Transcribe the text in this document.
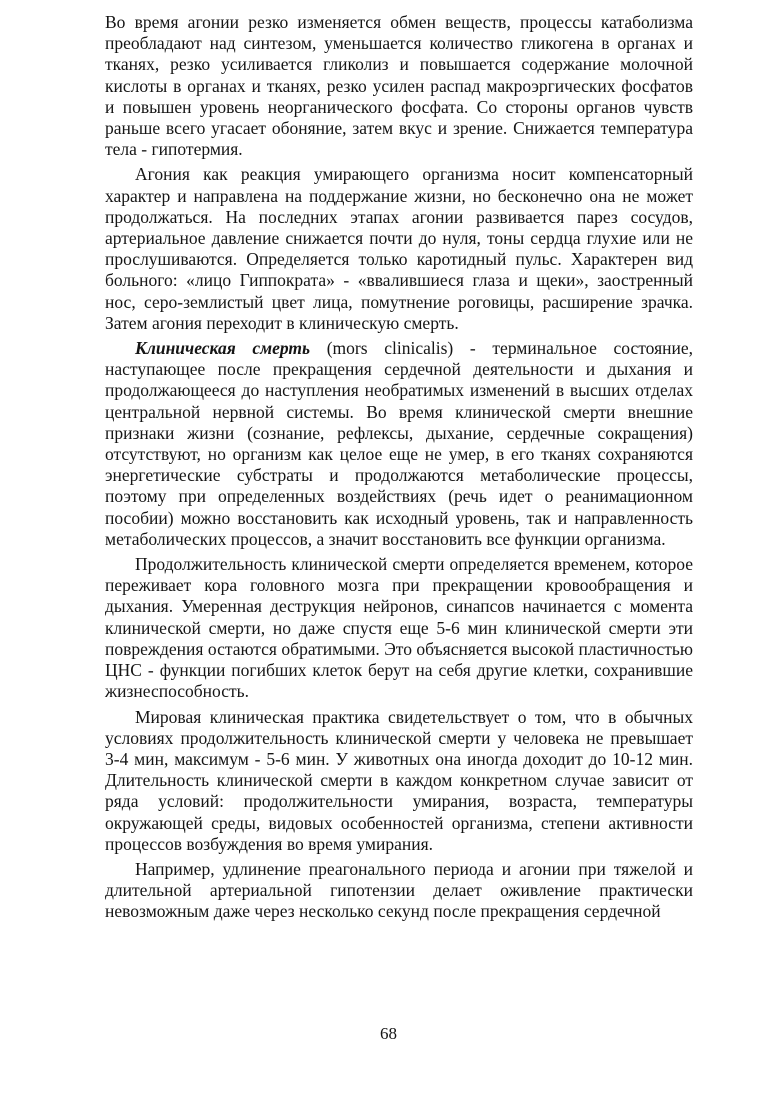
Во время агонии резко изменяется обмен веществ, процессы катаболизма преобладают над синтезом, уменьшается количество гликогена в органах и тканях, резко усиливается гликолиз и повышается содержание молочной кислоты в органах и тканях, резко усилен распад макроэргических фосфатов и повышен уровень неорганического фосфата. Со стороны органов чувств раньше всего угасает обоняние, затем вкус и зрение. Снижается температура тела - гипотермия.

Агония как реакция умирающего организма носит компенсаторный характер и направлена на поддержание жизни, но бесконечно она не может продолжаться. На последних этапах агонии развивается парез сосудов, артериальное давление снижается почти до нуля, тоны сердца глухие или не прослушиваются. Определяется только каротидный пульс. Характерен вид больного: «лицо Гиппократа» - «ввалившиеся глаза и щеки», заостренный нос, серо-землистый цвет лица, помутнение роговицы, расширение зрачка. Затем агония переходит в клиническую смерть.

Клиническая смерть (mors clinicalis) - терминальное состояние, наступающее после прекращения сердечной деятельности и дыхания и продолжающееся до наступления необратимых изменений в высших отделах центральной нервной системы. Во время клинической смерти внешние признаки жизни (сознание, рефлексы, дыхание, сердечные сокращения) отсутствуют, но организм как целое еще не умер, в его тканях сохраняются энергетические субстраты и продолжаются метаболические процессы, поэтому при определенных воздействиях (речь идет о реанимационном пособии) можно восстановить как исходный уровень, так и направленность метаболических процессов, а значит восстановить все функции организма.

Продолжительность клинической смерти определяется временем, которое переживает кора головного мозга при прекращении кровообращения и дыхания. Умеренная деструкция нейронов, синапсов начинается с момента клинической смерти, но даже спустя еще 5-6 мин клинической смерти эти повреждения остаются обратимыми. Это объясняется высокой пластичностью ЦНС - функции погибших клеток берут на себя другие клетки, сохранившие жизнеспособность.

Мировая клиническая практика свидетельствует о том, что в обычных условиях продолжительность клинической смерти у человека не превышает 3-4 мин, максимум - 5-6 мин. У животных она иногда доходит до 10-12 мин. Длительность клинической смерти в каждом конкретном случае зависит от ряда условий: продолжительности умирания, возраста, температуры окружающей среды, видовых особенностей организма, степени активности процессов возбуждения во время умирания.

Например, удлинение преагонального периода и агонии при тяжелой и длительной артериальной гипотензии делает оживление практически невозможным даже через несколько секунд после прекращения сердечной

68
